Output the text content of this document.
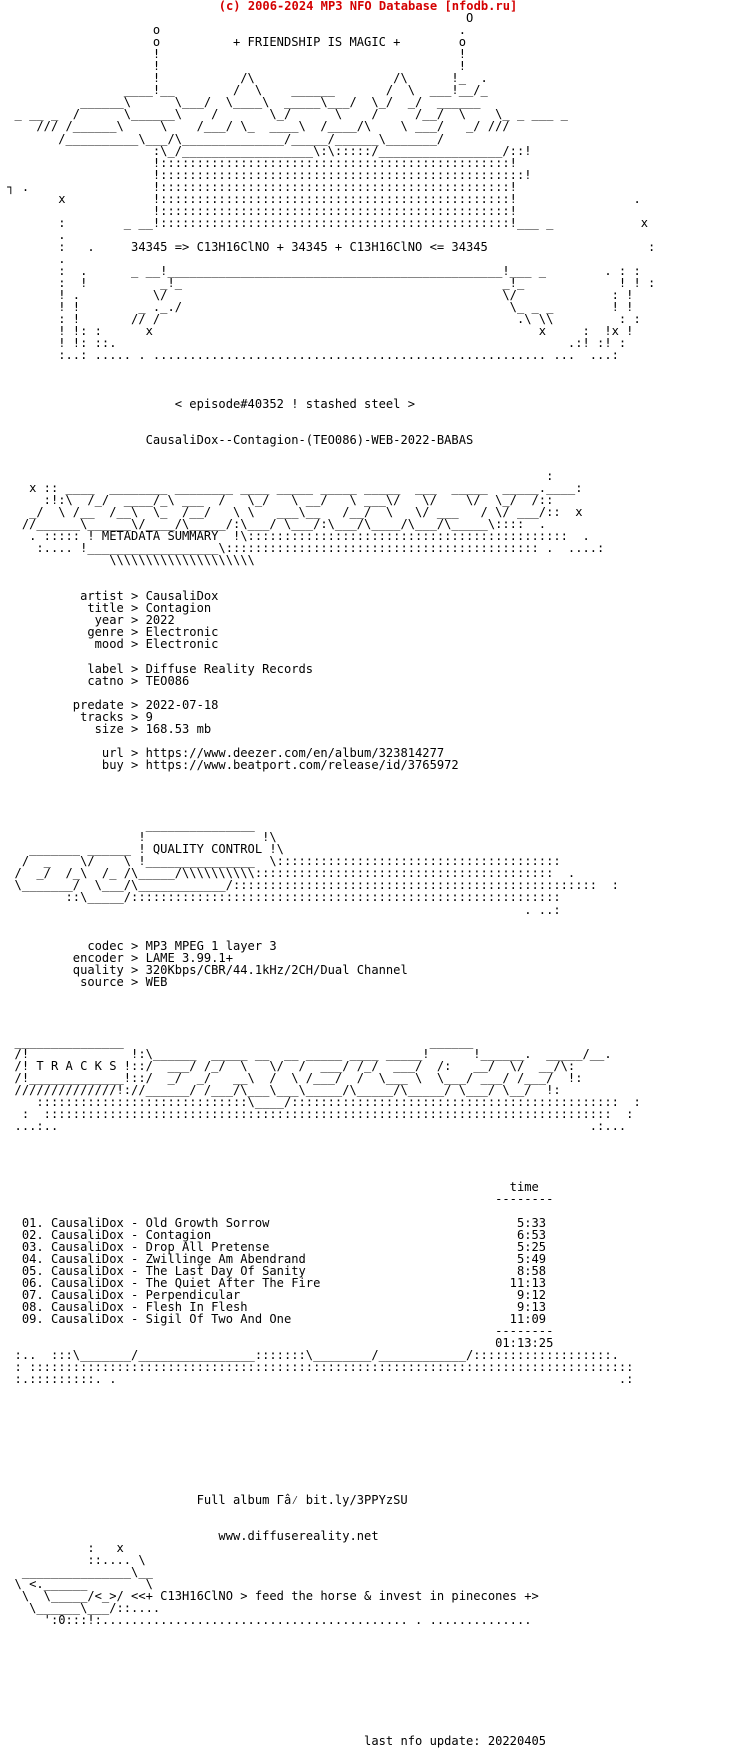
(c) 2006-2024 MP3 NFO Database [nfodb.ru]
O
o                                         .
o          + FRIENDSHIP IS MAGIC +        o
!                                         !
!                                         !
!           /\                   /\      !_  .
____!__        /  \    ______       /  \  ___!__/_
______\      \___/  \____\  _____\___/  \_/  _/  ______
_ __ _  /      \______\    /       \_/      \    /     /__/  \    \_ _ ___ _
/// /______\     \    /___/ \_  ____\  /____/\    \ ___/   _/ ///
/__________\___/\______________/_____/______\_______/
:\_/__________________\:\:::::/_________________/::!
!::::::::::::::::::::::::::::::::::::::::::::::::!
!::::::::::::::::::::::::::::::::::::::::::::::::::!
┐ .                 !::::::::::::::::::::::::::::::::::::::::::::::::!
x            !::::::::::::::::::::::::::::::::::::::::::::::::!                .
!::::::::::::::::::::::::::::::::::::::::::::::::!
:        _ __!::::::::::::::::::::::::::::::::::::::::::::::::!___ _            x
.
:   .     34345 => C13H16ClNO + 34345 + C13H16ClNO <= 34345                      :
.
:  .      _ __!______________________________________________!___ _        . : :
:  !          _!_                                            _!_             ! ! :
! .          \/                                              \/             : !
! !        _ ._./                                             \_ _ _        ! !
: !       // /                                                 .\ \\         : :
! !: :      x                                                     x     :  !x !
! !: ::.                                                              .:! :! :
:..: ..... . ...................................................... ...  ...:
< episode#40352 ! stashed steel >
CausaliDox--Contagion-(TEO086)-WEB-2022-BABAS
:
x :: ____  ________ ________ ____ _____ _____ _____  ___  _____  _____.____:
:!:\  /_/  ____/_\ ___  /   \_/   \ __/   \ ___\/   \/    \/  \_/  /::
_/  \ /__  /__\  \_  /__/   \ \   ___\__   /__/  \   \/ ___   / \/ ___/::  x
//______\______\/____/\_____/:\___/ \___/:\___/\____/\___/\_____\::::  .
. ::::: ! METADATA SUMMARY  !\::::::::::::::::::::::::::::::::::::::::::::  .
:.... !__________________\::::::::::::::::::::::::::::::::::::::::::: .  ....:
\\\\\\\\\\\\\\\\\\\\
artist > CausaliDox
title > Contagion
year > 2022
genre > Electronic
mood > Electronic
label > Diffuse Reality Records
catno > TEO086
predate > 2022-07-18
tracks > 9
size > 168.53 mb
url > https://www.deezer.com/en/album/323814277
buy > https://www.beatport.com/release/id/3765972
_______________
!                !\
_______ ______ ! QUALITY CONTROL !\
/  _    \/    \ !_______________  \:::::::::::::::::::::::::::::::::::::::
/  _/  /_\  /_ /\_____/\\\\\\\\\\:::::::::::::::::::::::::::::::::::::::::  .
\_______/  \___/\____________/::::::::::::::::::::::::::::::::::::::::::::::::::  :
::\_____/:::::::::::::::::::::::::::::::::::::::::::::::::::::::::::
. ..:
codec > MP3 MPEG 1 layer 3
encoder > LAME 3.99.1+
quality > 320Kbps/CBR/44.1kHz/2CH/Dual Channel
source > WEB
_______________                                          ______
/!              !:\______  _____ __  __ _____ ____ _____!      !______.  _____/__.
/! T R A C K S !::/  ___/ /_/  \   \/  /  ___/ /_/  ___/  /:   __/  \/  __/\:
/!_____________!::/  _/  _/   __\  /  \ /___/  /  \___ \  \___/ ___/ /___/  !:
//////////////!://______/ /___/\___\___\_____/\_____/\_____/ \___/ \__/  !:
:::::::::::::::::::::::::::::\____/:::::::::::::::::::::::::::::::::::::::::::::  :
:  ::::::::::::::::::::::::::::::::::::::::::::::::::::::::::::::::::::::::::::::  :
...:..                                                                         .:...
time
--------
01. CausaliDox - Old Growth Sorrow                                  5:33
02. CausaliDox - Contagion                                          6:53
03. CausaliDox - Drop All Pretense                                  5:25
04. CausaliDox - Zwillinge Am Abendrand                             5:49
05. CausaliDox - The Last Day Of Sanity                             8:58
06. CausaliDox - The Quiet After The Fire                          11:13
07. CausaliDox - Perpendicular                                      9:12
08. CausaliDox - Flesh In Flesh                                     9:13
09. CausaliDox - Sigil Of Two And One                              11:09
--------
01:13:25
:..  :::\_______/________________:::::::\________/____________/:::::::::::::::::::.
: :::::::::::::::::::::::::::::::::::::::::::::::::::::::::::::::::::::::::::::::::::
:.:::::::::. .                                                                     .:
Full album Гâ⁄ bit.ly/3PPYzSU
www.diffusereality.net
:   x
::.... \
_______________\__
\ <.______        \
\  \_____/<_>/ <<+ C13H16ClNO > feed the horse & invest in pinecones +>
\______\___/::....
':0:::!:.......................................... . ..............
last nfo update: 20220405
